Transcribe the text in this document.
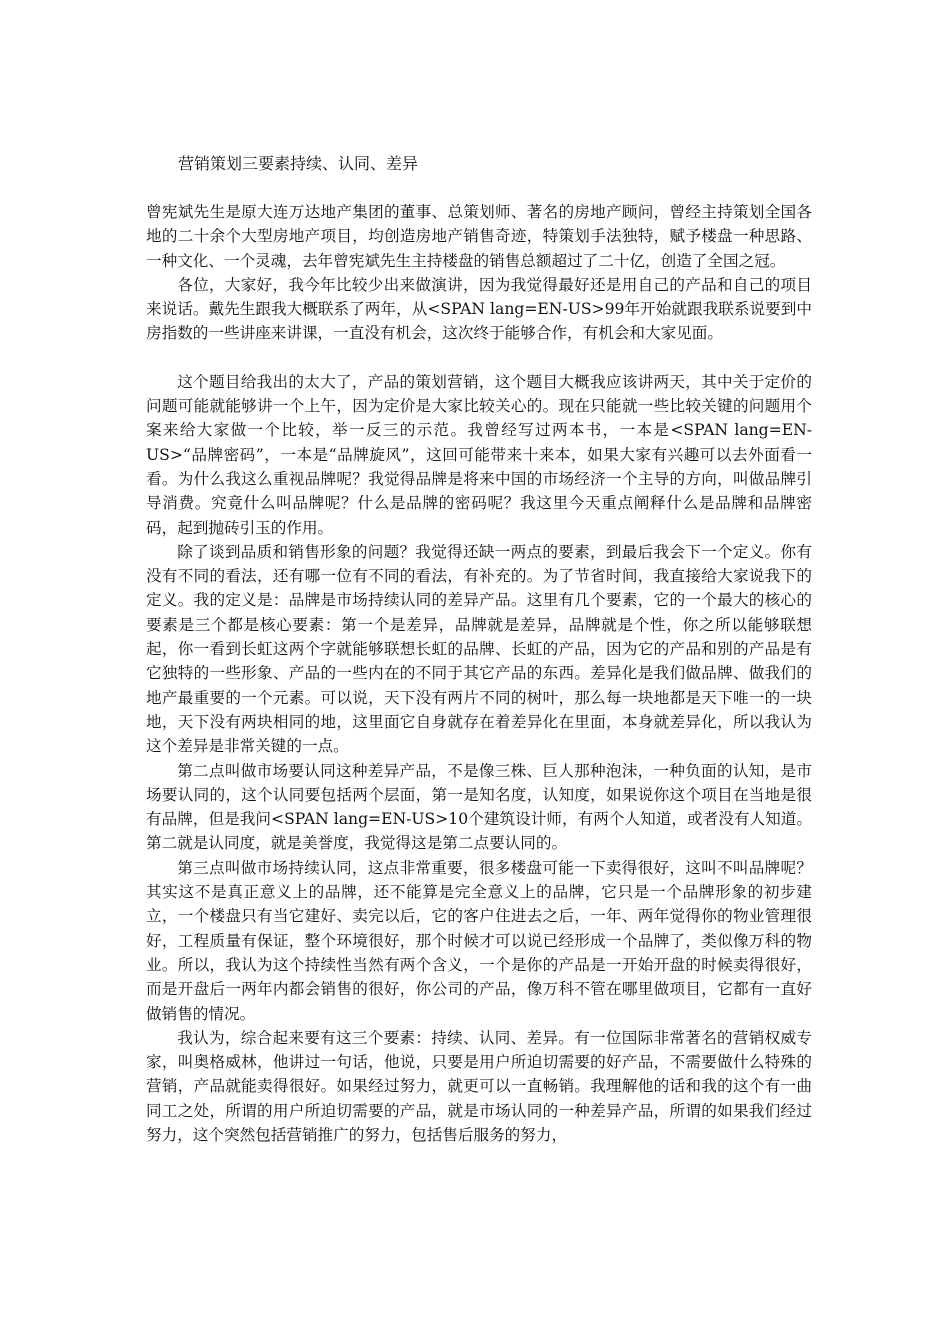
营销策划三要素持续、认同、差异

曾宪斌先生是原大连万达地产集团的董事、总策划师、著名的房地产顾问，曾经主持策划全国各地的二十余个大型房地产项目，均创造房地产销售奇迹，特策划手法独特，赋予楼盘一种思路、一种文化、一个灵魂，去年曾宪斌先生主持楼盘的销售总额超过了二十亿，创造了全国之冠。

各位，大家好，我今年比较少出来做演讲，因为我觉得最好还是用自己的产品和自己的项目来说话。戴先生跟我大概联系了两年，从<SPAN lang=EN-US>99年开始就跟我联系说要到中房指数的一些讲座来讲课，一直没有机会，这次终于能够合作，有机会和大家见面。

这个题目给我出的太大了，产品的策划营销，这个题目大概我应该讲两天，其中关于定价的问题可能就能够讲一个上午，因为定价是大家比较关心的。现在只能就一些比较关键的问题用个案来给大家做一个比较，举一反三的示范。我曾经写过两本书，一本是<SPAN lang=EN-US>“品牌密码”，一本是“品牌旋风”，这回可能带来十来本，如果大家有兴趣可以去外面看一看。为什么我这么重视品牌呢？我觉得品牌是将来中国的市场经济一个主导的方向，叫做品牌引导消费。究竟什么叫品牌呢？什么是品牌的密码呢？我这里今天重点阐释什么是品牌和品牌密码，起到抛砖引玉的作用。

除了谈到品质和销售形象的问题？我觉得还缺一两点的要素，到最后我会下一个定义。你有没有不同的看法，还有哪一位有不同的看法，有补充的。为了节省时间，我直接给大家说我下的定义。我的定义是：品牌是市场持续认同的差异产品。这里有几个要素，它的一个最大的核心的要素是三个都是核心要素：第一个是差异，品牌就是差异，品牌就是个性，你之所以能够联想起，你一看到长虹这两个字就能够联想长虹的品牌、长虹的产品，因为它的产品和别的产品是有它独特的一些形象、产品的一些内在的不同于其它产品的东西。差异化是我们做品牌、做我们的地产最重要的一个元素。可以说，天下没有两片不同的树叶，那么每一块地都是天下唯一的一块地，天下没有两块相同的地，这里面它自身就存在着差异化在里面，本身就差异化，所以我认为这个差异是非常关键的一点。

第二点叫做市场要认同这种差异产品，不是像三株、巨人那种泡沫，一种负面的认知，是市场要认同的，这个认同要包括两个层面，第一是知名度，认知度，如果说你这个项目在当地是很有品牌，但是我问<SPAN lang=EN-US>10个建筑设计师，有两个人知道，或者没有人知道。第二就是认同度，就是美誉度，我觉得这是第二点要认同的。

第三点叫做市场持续认同，这点非常重要，很多楼盘可能一下卖得很好，这叫不叫品牌呢？其实这不是真正意义上的品牌，还不能算是完全意义上的品牌，它只是一个品牌形象的初步建立，一个楼盘只有当它建好、卖完以后，它的客户住进去之后，一年、两年觉得你的物业管理很好，工程质量有保证，整个环境很好，那个时候才可以说已经形成一个品牌了，类似像万科的物业。所以，我认为这个持续性当然有两个含义，一个是你的产品是一开始开盘的时候卖得很好，而是开盘后一两年内都会销售的很好，你公司的产品，像万科不管在哪里做项目，它都有一直好做销售的情况。

我认为，综合起来要有这三个要素：持续、认同、差异。有一位国际非常著名的营销权威专家，叫奥格威林，他讲过一句话，他说，只要是用户所迫切需要的好产品，不需要做什么特殊的营销，产品就能卖得很好。如果经过努力，就更可以一直畅销。我理解他的话和我的这个有一曲同工之处，所谓的用户所迫切需要的产品，就是市场认同的一种差异产品，所谓的如果我们经过努力，这个突然包括营销推广的努力，包括售后服务的努力，
